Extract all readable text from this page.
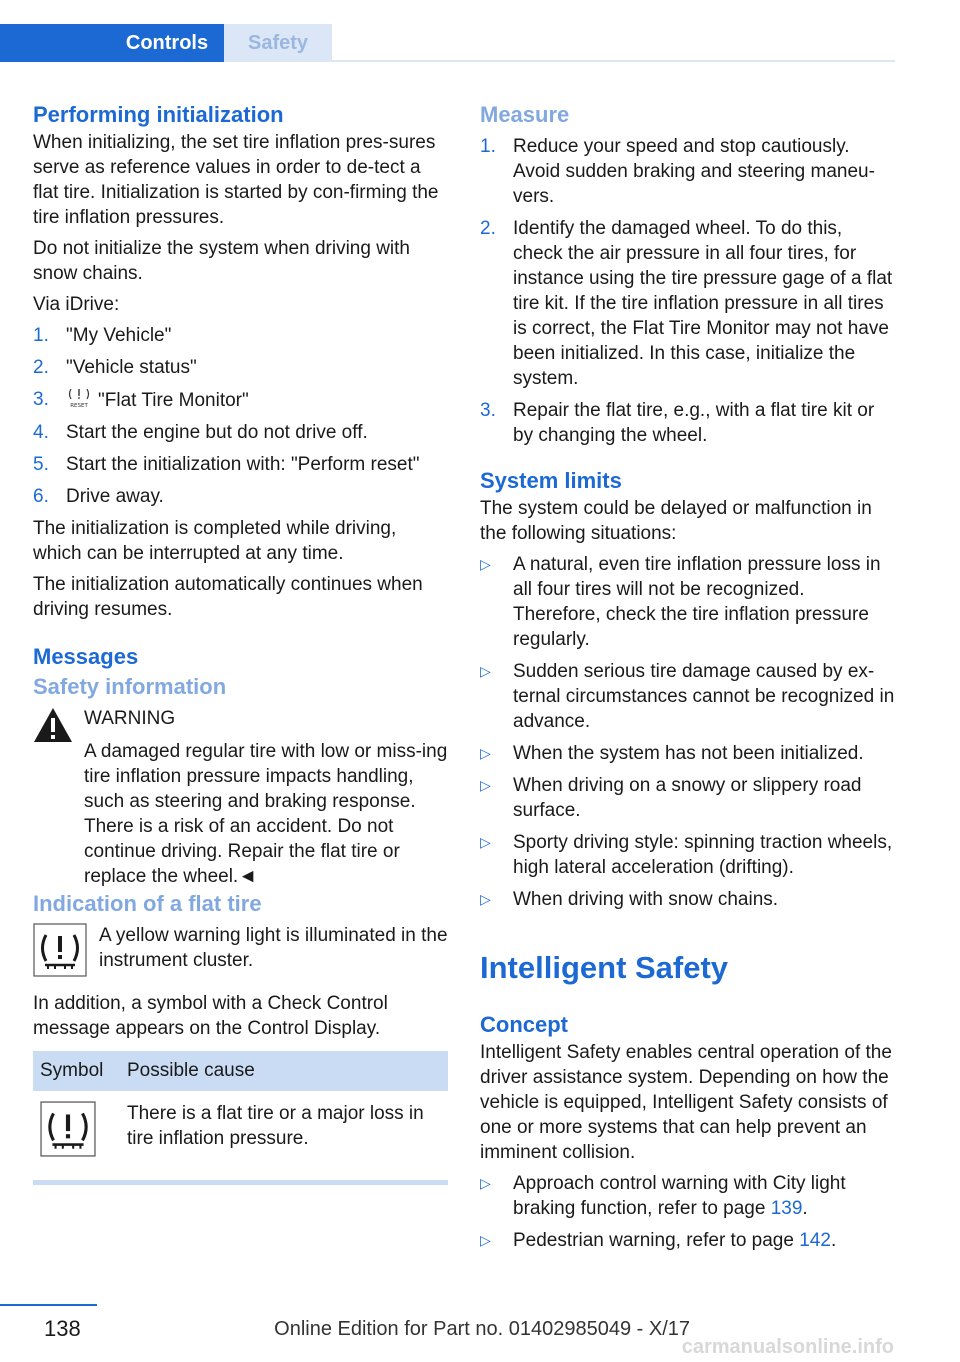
Controls	Safety
Performing initialization

When initializing, the set tire inflation pres-sures serve as reference values in order to de-tect a flat tire. Initialization is started by con-firming the tire inflation pressures.

Do not initialize the system when driving with snow chains.

Via iDrive:

1. "My Vehicle"
2. "Vehicle status"
3.	RESET "Flat Tire Monitor"
4. Start the engine but do not drive off.
5. Start the initialization with: "Perform reset"
6. Drive away.

The initialization is completed while driving, which can be interrupted at any time.

The initialization automatically continues when driving resumes.

Messages
Safety information
WARNING

A damaged regular tire with low or miss-ing tire inflation pressure impacts handling, such as steering and braking response. There is a risk of an accident. Do not continue driving. Repair the flat tire or replace the wheel.◄

Indication of a flat tire
A yellow warning light is illuminated in the instrument cluster.

In addition, a symbol with a Check Control message appears on the Control Display.

Symbol	Possible cause
	There is a flat tire or a major loss in tire inflation pressure.
Measure
1. Reduce your speed and stop cautiously. Avoid sudden braking and steering maneu-vers.
2. Identify the damaged wheel. To do this, check the air pressure in all four tires, for instance using the tire pressure gage of a flat tire kit. If the tire inflation pressure in all tires is correct, the Flat Tire Monitor may not have been initialized. In this case, initialize the system.
3. Repair the flat tire, e.g., with a flat tire kit or by changing the wheel.
System limits

The system could be delayed or malfunction in the following situations:

▷ A natural, even tire inflation pressure loss in all four tires will not be recognized. Therefore, check the tire inflation pressure regularly.
▷ Sudden serious tire damage caused by ex-ternal circumstances cannot be recognized in advance.
▷ When the system has not been initialized.
▷ When driving on a snowy or slippery road surface.
▷ Sporty driving style: spinning traction wheels, high lateral acceleration (drifting).
▷ When driving with snow chains.
Intelligent Safety
Concept

Intelligent Safety enables central operation of the driver assistance system. Depending on how the vehicle is equipped, Intelligent Safety consists of one or more systems that can help prevent an imminent collision.

▷ Approach control warning with City light braking function, refer to page 139.
▷ Pedestrian warning, refer to page 142.
138	Online Edition for Part no. 01402985049 - X/17
carmanualsonline.info
